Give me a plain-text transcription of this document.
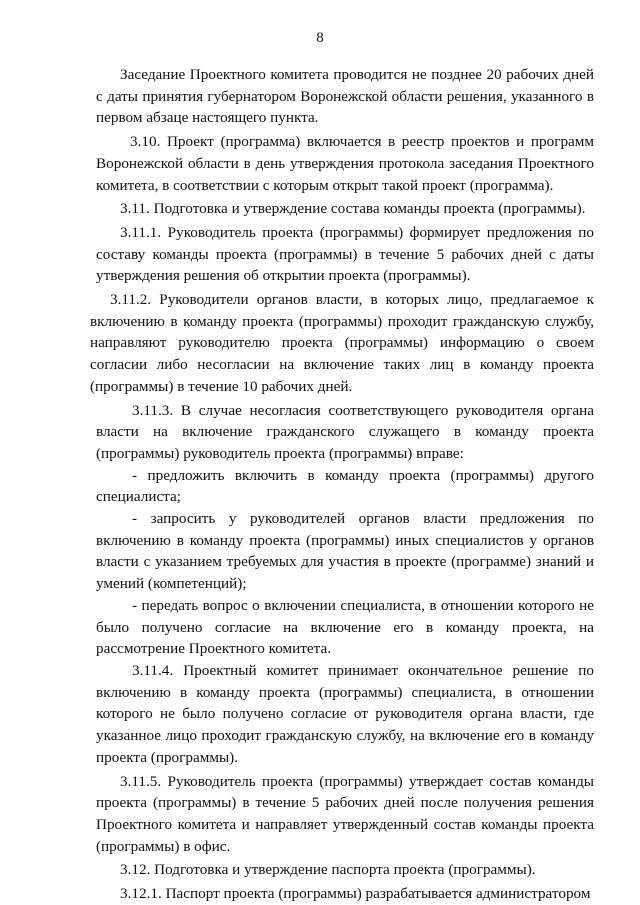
8

Заседание Проектного комитета проводится не позднее 20 рабочих дней с даты принятия губернатором Воронежской области решения, указанного в первом абзаце настоящего пункта.

3.10. Проект (программа) включается в реестр проектов и программ Воронежской области в день утверждения протокола заседания Проектного комитета, в соответствии с которым открыт такой проект (программа).

3.11. Подготовка и утверждение состава команды проекта (программы).

3.11.1. Руководитель проекта (программы) формирует предложения по составу команды проекта (программы) в течение 5 рабочих дней с даты утверждения решения об открытии проекта (программы).

3.11.2. Руководители органов власти, в которых лицо, предлагаемое к включению в команду проекта (программы) проходит гражданскую службу, направляют руководителю проекта (программы) информацию о своем согласии либо несогласии на включение таких лиц в команду проекта (программы) в течение 10 рабочих дней.

3.11.3. В случае несогласия соответствующего руководителя органа власти на включение гражданского служащего в команду проекта (программы) руководитель проекта (программы) вправе:

- предложить включить в команду проекта (программы) другого специалиста;

- запросить у руководителей органов власти предложения по включению в команду проекта (программы) иных специалистов у органов власти с указанием требуемых для участия в проекте (программе) знаний и умений (компетенций);

- передать вопрос о включении специалиста, в отношении которого не было получено согласие на включение его в команду проекта, на рассмотрение Проектного комитета.

3.11.4. Проектный комитет принимает окончательное решение по включению в команду проекта (программы) специалиста, в отношении которого не было получено согласие от руководителя органа власти, где указанное лицо проходит гражданскую службу, на включение его в команду проекта (программы).

3.11.5. Руководитель проекта (программы) утверждает состав команды проекта (программы) в течение 5 рабочих дней после получения решения Проектного комитета и направляет утвержденный состав команды проекта (программы) в офис.

3.12. Подготовка и утверждение паспорта проекта (программы).

3.12.1. Паспорт проекта (программы) разрабатывается администратором
